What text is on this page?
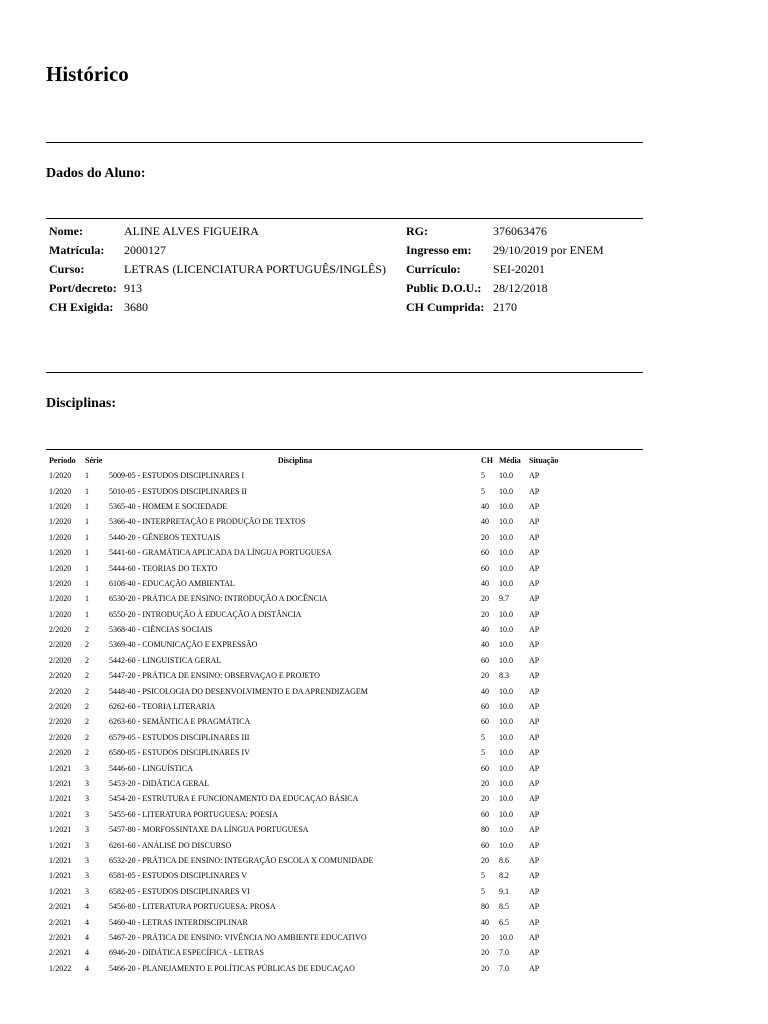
Histórico
Dados do Aluno:
Nome:	ALINE ALVES FIGUEIRA	RG:	376063476
Matrícula:	2000127	Ingresso em:	29/10/2019 por ENEM
Curso:	LETRAS (LICENCIATURA PORTUGUÊS/INGLÊS)	Currículo:	SEI-20201
Port/decreto:	913	Public D.O.U.:	28/12/2018
CH Exigida:	3680	CH Cumprida:	2170
Disciplinas:
Período	Série	Disciplina	CH	Média	Situação
1/2020	1	5009-05 - ESTUDOS DISCIPLINARES I	5	10.0	AP
1/2020	1	5010-05 - ESTUDOS DISCIPLINARES II	5	10.0	AP
1/2020	1	5365-40 - HOMEM E SOCIEDADE	40	10.0	AP
1/2020	1	5366-40 - INTERPRETAÇÃO E PRODUÇÃO DE TEXTOS	40	10.0	AP
1/2020	1	5440-20 - GÊNEROS TEXTUAIS	20	10.0	AP
1/2020	1	5441-60 - GRAMÁTICA APLICADA DA LÍNGUA PORTUGUESA	60	10.0	AP
1/2020	1	5444-60 - TEORIAS DO TEXTO	60	10.0	AP
1/2020	1	6108-40 - EDUCAÇÃO AMBIENTAL	40	10.0	AP
1/2020	1	6530-20 - PRÁTICA DE ENSINO: INTRODUÇÃO A DOCÊNCIA	20	9.7	AP
1/2020	1	6550-20 - INTRODUÇÃO À EDUCAÇÃO A DISTÂNCIA	20	10.0	AP
2/2020	2	5368-40 - CIÊNCIAS SOCIAIS	40	10.0	AP
2/2020	2	5369-40 - COMUNICAÇÃO E EXPRESSÃO	40	10.0	AP
2/2020	2	5442-60 - LINGUISTICA GERAL	60	10.0	AP
2/2020	2	5447-20 - PRÁTICA DE ENSINO: OBSERVAÇAO E PROJETO	20	8.3	AP
2/2020	2	5448-40 - PSICOLOGIA DO DESENVOLVIMENTO E DA APRENDIZAGEM	40	10.0	AP
2/2020	2	6262-60 - TEORIA LITERARIA	60	10.0	AP
2/2020	2	6263-60 - SEMÂNTICA E PRAGMÁTICA	60	10.0	AP
2/2020	2	6579-05 - ESTUDOS DISCIPLINARES III	5	10.0	AP
2/2020	2	6580-05 - ESTUDOS DISCIPLINARES IV	5	10.0	AP
1/2021	3	5446-60 - LINGUÍSTICA	60	10.0	AP
1/2021	3	5453-20 - DIDÁTICA GERAL	20	10.0	AP
1/2021	3	5454-20 - ESTRUTURA E FUNCIONAMENTO DA EDUCAÇAO BÁSICA	20	10.0	AP
1/2021	3	5455-60 - LITERATURA PORTUGUESA: POESIA	60	10.0	AP
1/2021	3	5457-80 - MORFOSSINTAXE DA LÍNGUA PORTUGUESA	80	10.0	AP
1/2021	3	6261-60 - ANÁLISE DO DISCURSO	60	10.0	AP
1/2021	3	6532-20 - PRÁTICA DE ENSINO: INTEGRAÇÃO ESCOLA X COMUNIDADE	20	8.6	AP
1/2021	3	6581-05 - ESTUDOS DISCIPLINARES V	5	8.2	AP
1/2021	3	6582-05 - ESTUDOS DISCIPLINARES VI	5	9.1	AP
2/2021	4	5456-80 - LITERATURA PORTUGUESA: PROSA	80	8.5	AP
2/2021	4	5460-40 - LETRAS INTERDISCIPLINAR	40	6.5	AP
2/2021	4	5467-20 - PRÁTICA DE ENSINO: VIVÊNCIA NO AMBIENTE EDUCATIVO	20	10.0	AP
2/2021	4	6946-20 - DIDÁTICA ESPECÍFICA - LETRAS	20	7.0	AP
1/2022	4	5466-20 - PLANEJAMENTO E POLÍTICAS PÚBLICAS DE EDUCAÇAO	20	7.0	AP
